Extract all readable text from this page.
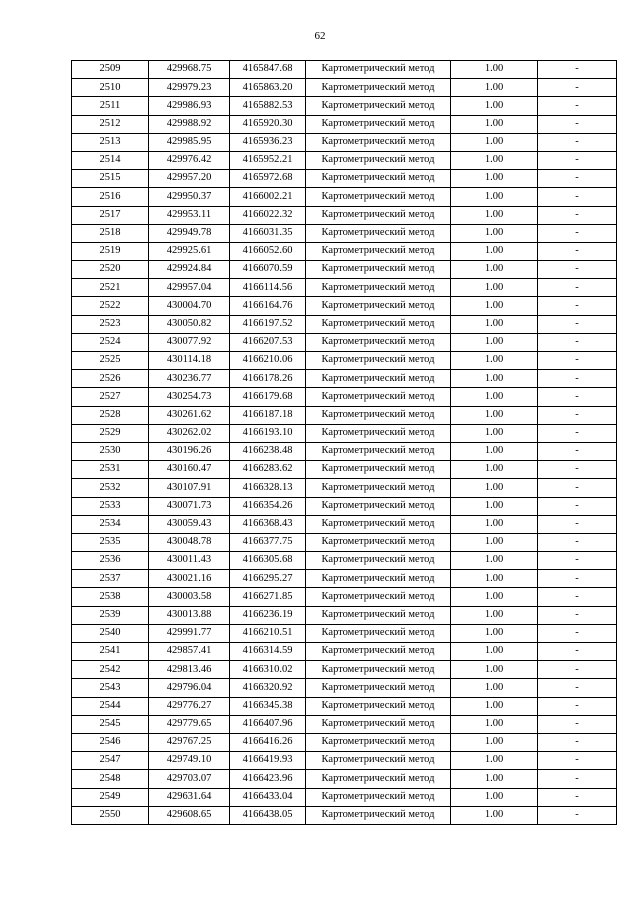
62
2509	429968.75	4165847.68	Картометрический метод	1.00	-
2510	429979.23	4165863.20	Картометрический метод	1.00	-
2511	429986.93	4165882.53	Картометрический метод	1.00	-
2512	429988.92	4165920.30	Картометрический метод	1.00	-
2513	429985.95	4165936.23	Картометрический метод	1.00	-
2514	429976.42	4165952.21	Картометрический метод	1.00	-
2515	429957.20	4165972.68	Картометрический метод	1.00	-
2516	429950.37	4166002.21	Картометрический метод	1.00	-
2517	429953.11	4166022.32	Картометрический метод	1.00	-
2518	429949.78	4166031.35	Картометрический метод	1.00	-
2519	429925.61	4166052.60	Картометрический метод	1.00	-
2520	429924.84	4166070.59	Картометрический метод	1.00	-
2521	429957.04	4166114.56	Картометрический метод	1.00	-
2522	430004.70	4166164.76	Картометрический метод	1.00	-
2523	430050.82	4166197.52	Картометрический метод	1.00	-
2524	430077.92	4166207.53	Картометрический метод	1.00	-
2525	430114.18	4166210.06	Картометрический метод	1.00	-
2526	430236.77	4166178.26	Картометрический метод	1.00	-
2527	430254.73	4166179.68	Картометрический метод	1.00	-
2528	430261.62	4166187.18	Картометрический метод	1.00	-
2529	430262.02	4166193.10	Картометрический метод	1.00	-
2530	430196.26	4166238.48	Картометрический метод	1.00	-
2531	430160.47	4166283.62	Картометрический метод	1.00	-
2532	430107.91	4166328.13	Картометрический метод	1.00	-
2533	430071.73	4166354.26	Картометрический метод	1.00	-
2534	430059.43	4166368.43	Картометрический метод	1.00	-
2535	430048.78	4166377.75	Картометрический метод	1.00	-
2536	430011.43	4166305.68	Картометрический метод	1.00	-
2537	430021.16	4166295.27	Картометрический метод	1.00	-
2538	430003.58	4166271.85	Картометрический метод	1.00	-
2539	430013.88	4166236.19	Картометрический метод	1.00	-
2540	429991.77	4166210.51	Картометрический метод	1.00	-
2541	429857.41	4166314.59	Картометрический метод	1.00	-
2542	429813.46	4166310.02	Картометрический метод	1.00	-
2543	429796.04	4166320.92	Картометрический метод	1.00	-
2544	429776.27	4166345.38	Картометрический метод	1.00	-
2545	429779.65	4166407.96	Картометрический метод	1.00	-
2546	429767.25	4166416.26	Картометрический метод	1.00	-
2547	429749.10	4166419.93	Картометрический метод	1.00	-
2548	429703.07	4166423.96	Картометрический метод	1.00	-
2549	429631.64	4166433.04	Картометрический метод	1.00	-
2550	429608.65	4166438.05	Картометрический метод	1.00	-
